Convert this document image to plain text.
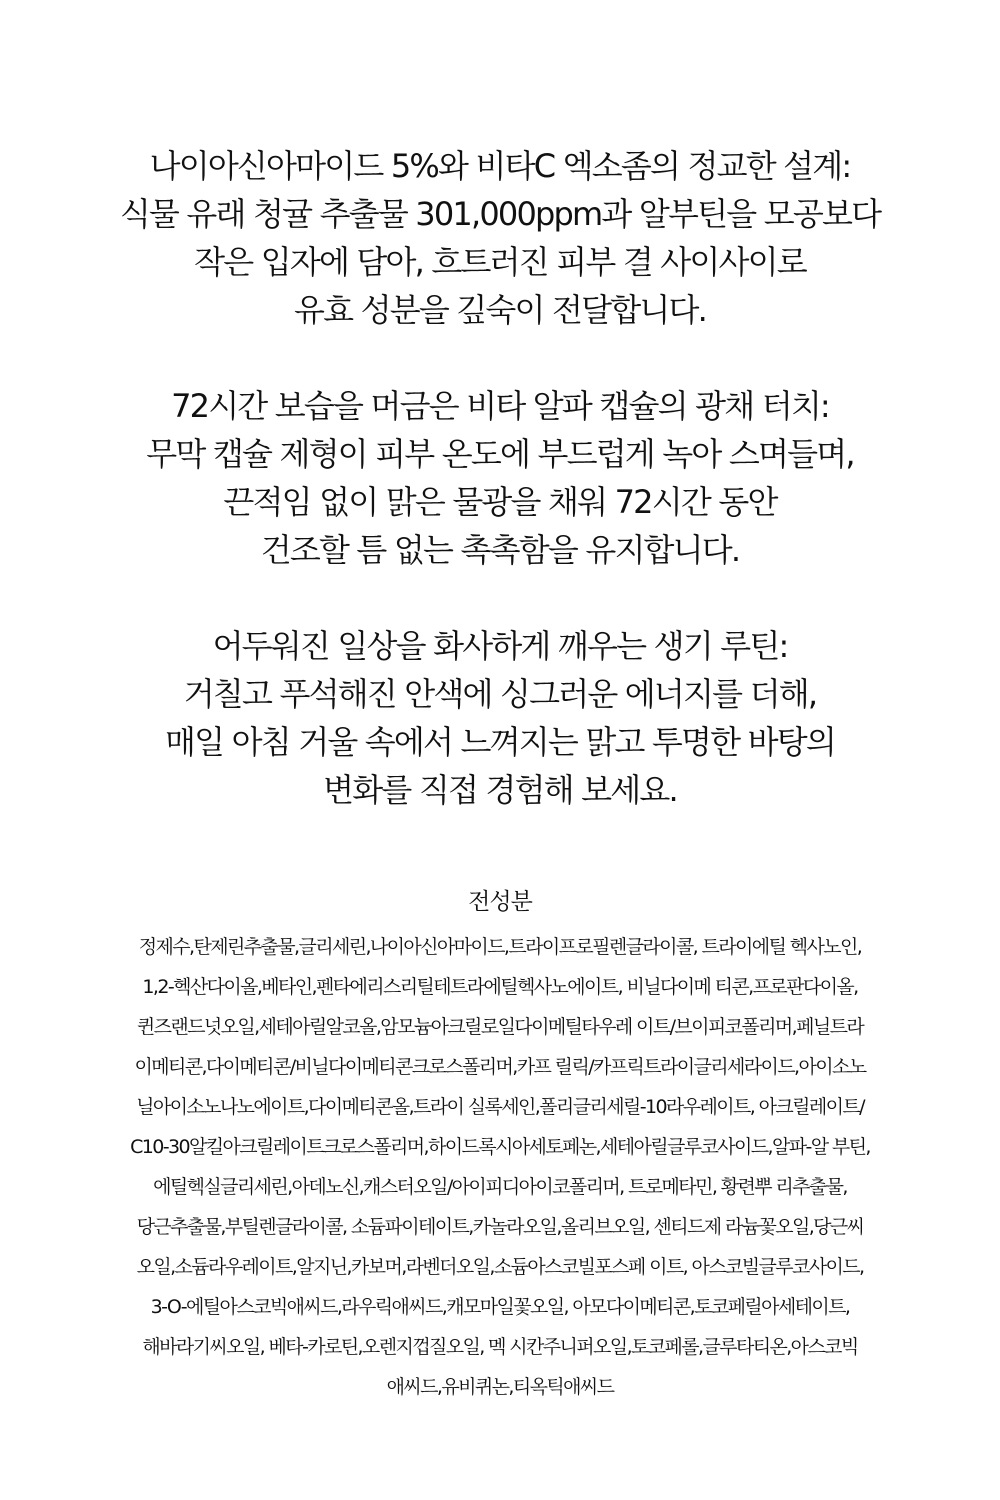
나이아신아마이드 5%와 비타C 엑소좀의 정교한 설계:
식물 유래 청귤 추출물 301,000ppm과 알부틴을 모공보다
작은 입자에 담아, 흐트러진 피부 결 사이사이로
유효 성분을 깊숙이 전달합니다.
72시간 보습을 머금은 비타 알파 캡슐의 광채 터치:
무막 캡슐 제형이 피부 온도에 부드럽게 녹아 스며들며,
끈적임 없이 맑은 물광을 채워 72시간 동안
건조할 틈 없는 촉촉함을 유지합니다.
어두워진 일상을 화사하게 깨우는 생기 루틴:
거칠고 푸석해진 안색에 싱그러운 에너지를 더해,
매일 아침 거울 속에서 느껴지는 맑고 투명한 바탕의
변화를 직접 경험해 보세요.
전성분
정제수,탄제린추출물,글리세린,나이아신아마이드,트라이프로필렌글라이콜, 트라이에틸 헥사노인,
1,2-헥산다이올,베타인,펜타에리스리틸테트라에틸헥사노에이트, 비닐다이메 티콘,프로판다이올,
퀸즈랜드넛오일,세테아릴알코올,암모늄아크릴로일다이메틸타우레 이트/브이피코폴리머,페닐트라
이메티콘,다이메티콘/비닐다이메티콘크로스폴리머,카프 릴릭/카프릭트라이글리세라이드,아이소노
닐아이소노나노에이트,다이메티콘올,트라이 실록세인,폴리글리세릴-10라우레이트, 아크릴레이트/
C10-30알킬아크릴레이트크로스폴리머,하이드록시아세토페논,세테아릴글루코사이드,알파-알 부틴,
에틸헥실글리세린,아데노신,캐스터오일/아이피디아이코폴리머, 트로메타민, 황련뿌 리추출물,
당근추출물,부틸렌글라이콜, 소듐파이테이트,카놀라오일,올리브오일, 센티드제 라늄꽃오일,당근씨
오일,소듐라우레이트,알지닌,카보머,라벤더오일,소듐아스코빌포스페 이트, 아스코빌글루코사이드,
3-O-에틸아스코빅애씨드,라우릭애씨드,캐모마일꽃오일, 아모다이메티콘,토코페릴아세테이트,
해바라기씨오일, 베타-카로틴,오렌지껍질오일, 멕 시칸주니퍼오일,토코페롤,글루타티온,아스코빅
애씨드,유비퀴논,티옥틱애씨드
